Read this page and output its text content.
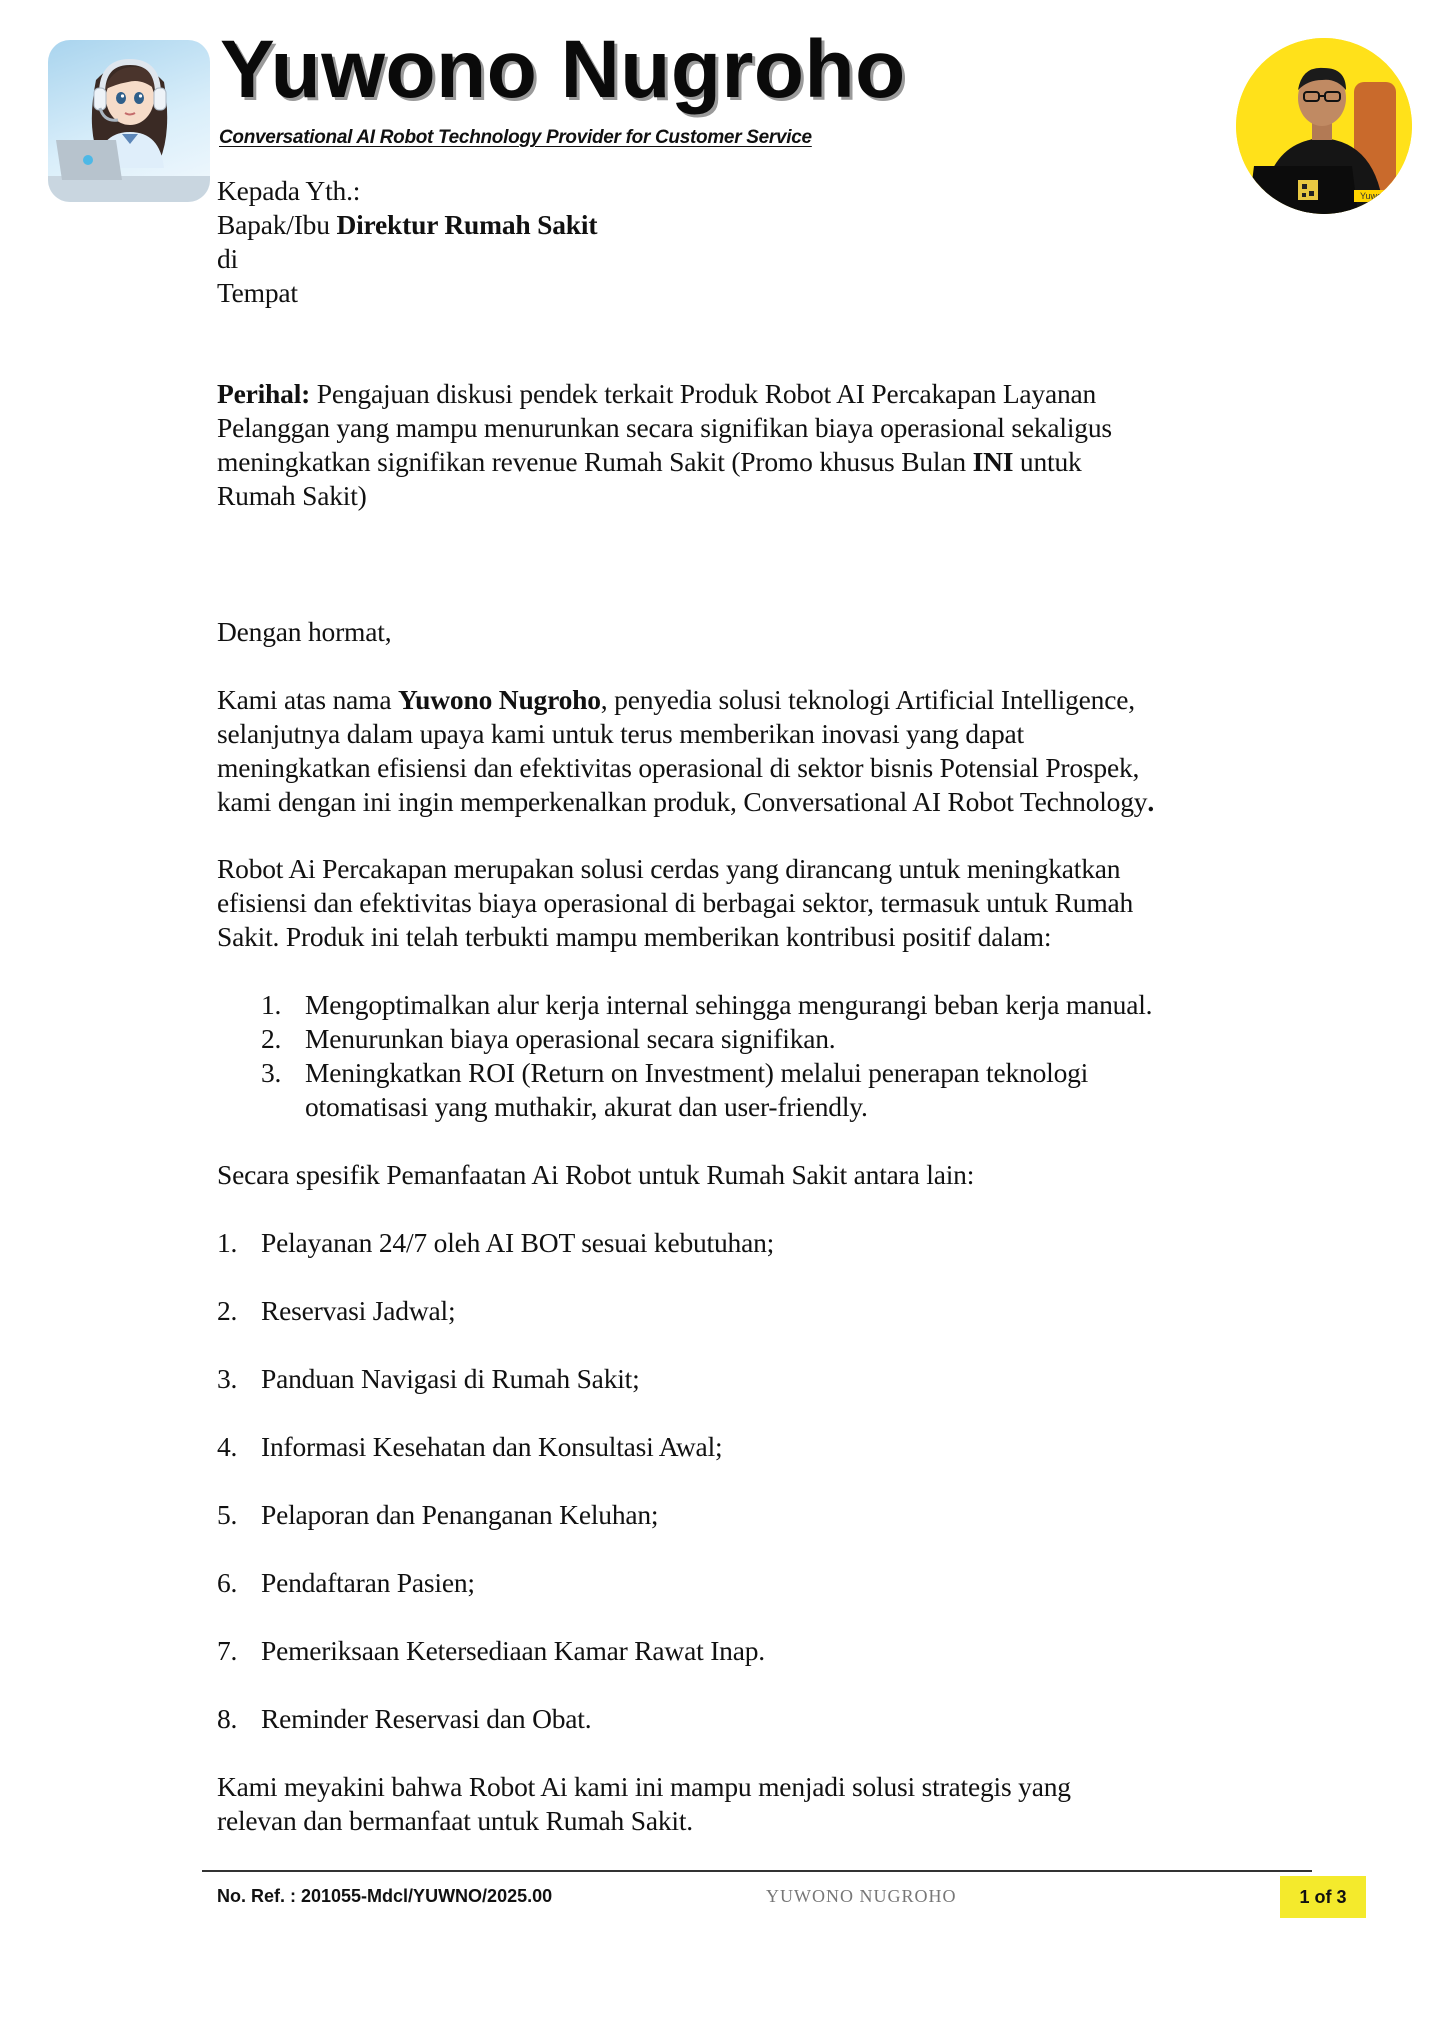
Yuwono Nugroho
Conversational AI Robot Technology Provider for Customer Service
Yuwono
Kepada Yth.:
Bapak/Ibu Direktur Rumah Sakit
di
Tempat
Perihal: Pengajuan diskusi pendek terkait Produk Robot AI Percakapan Layanan
Pelanggan yang mampu menurunkan secara signifikan biaya operasional sekaligus
meningkatkan signifikan revenue Rumah Sakit (Promo khusus Bulan INI untuk
Rumah Sakit)
Dengan hormat,
Kami atas nama Yuwono Nugroho, penyedia solusi teknologi Artificial Intelligence,
selanjutnya dalam upaya kami untuk terus memberikan inovasi yang dapat
meningkatkan efisiensi dan efektivitas operasional di sektor bisnis Potensial Prospek,
kami dengan ini ingin memperkenalkan produk, Conversational AI Robot Technology.
Robot Ai Percakapan merupakan solusi cerdas yang dirancang untuk meningkatkan
efisiensi dan efektivitas biaya operasional di berbagai sektor, termasuk untuk Rumah
Sakit. Produk ini telah terbukti mampu memberikan kontribusi positif dalam:
1. Mengoptimalkan alur kerja internal sehingga mengurangi beban kerja manual.
2. Menurunkan biaya operasional secara signifikan.
3. Meningkatkan ROI (Return on Investment) melalui penerapan teknologi
otomatisasi yang muthakir, akurat dan user-friendly.
Secara spesifik Pemanfaatan Ai Robot untuk Rumah Sakit antara lain:
1. Pelayanan 24/7 oleh AI BOT sesuai kebutuhan;
2. Reservasi Jadwal;
3. Panduan Navigasi di Rumah Sakit;
4. Informasi Kesehatan dan Konsultasi Awal;
5. Pelaporan dan Penanganan Keluhan;
6. Pendaftaran Pasien;
7. Pemeriksaan Ketersediaan Kamar Rawat Inap.
8. Reminder Reservasi dan Obat.
Kami meyakini bahwa Robot Ai kami ini mampu menjadi solusi strategis yang
relevan dan bermanfaat untuk Rumah Sakit.
No. Ref. : 201055-Mdcl/YUWNO/2025.00	YUWONO NUGROHO	1 of 3
